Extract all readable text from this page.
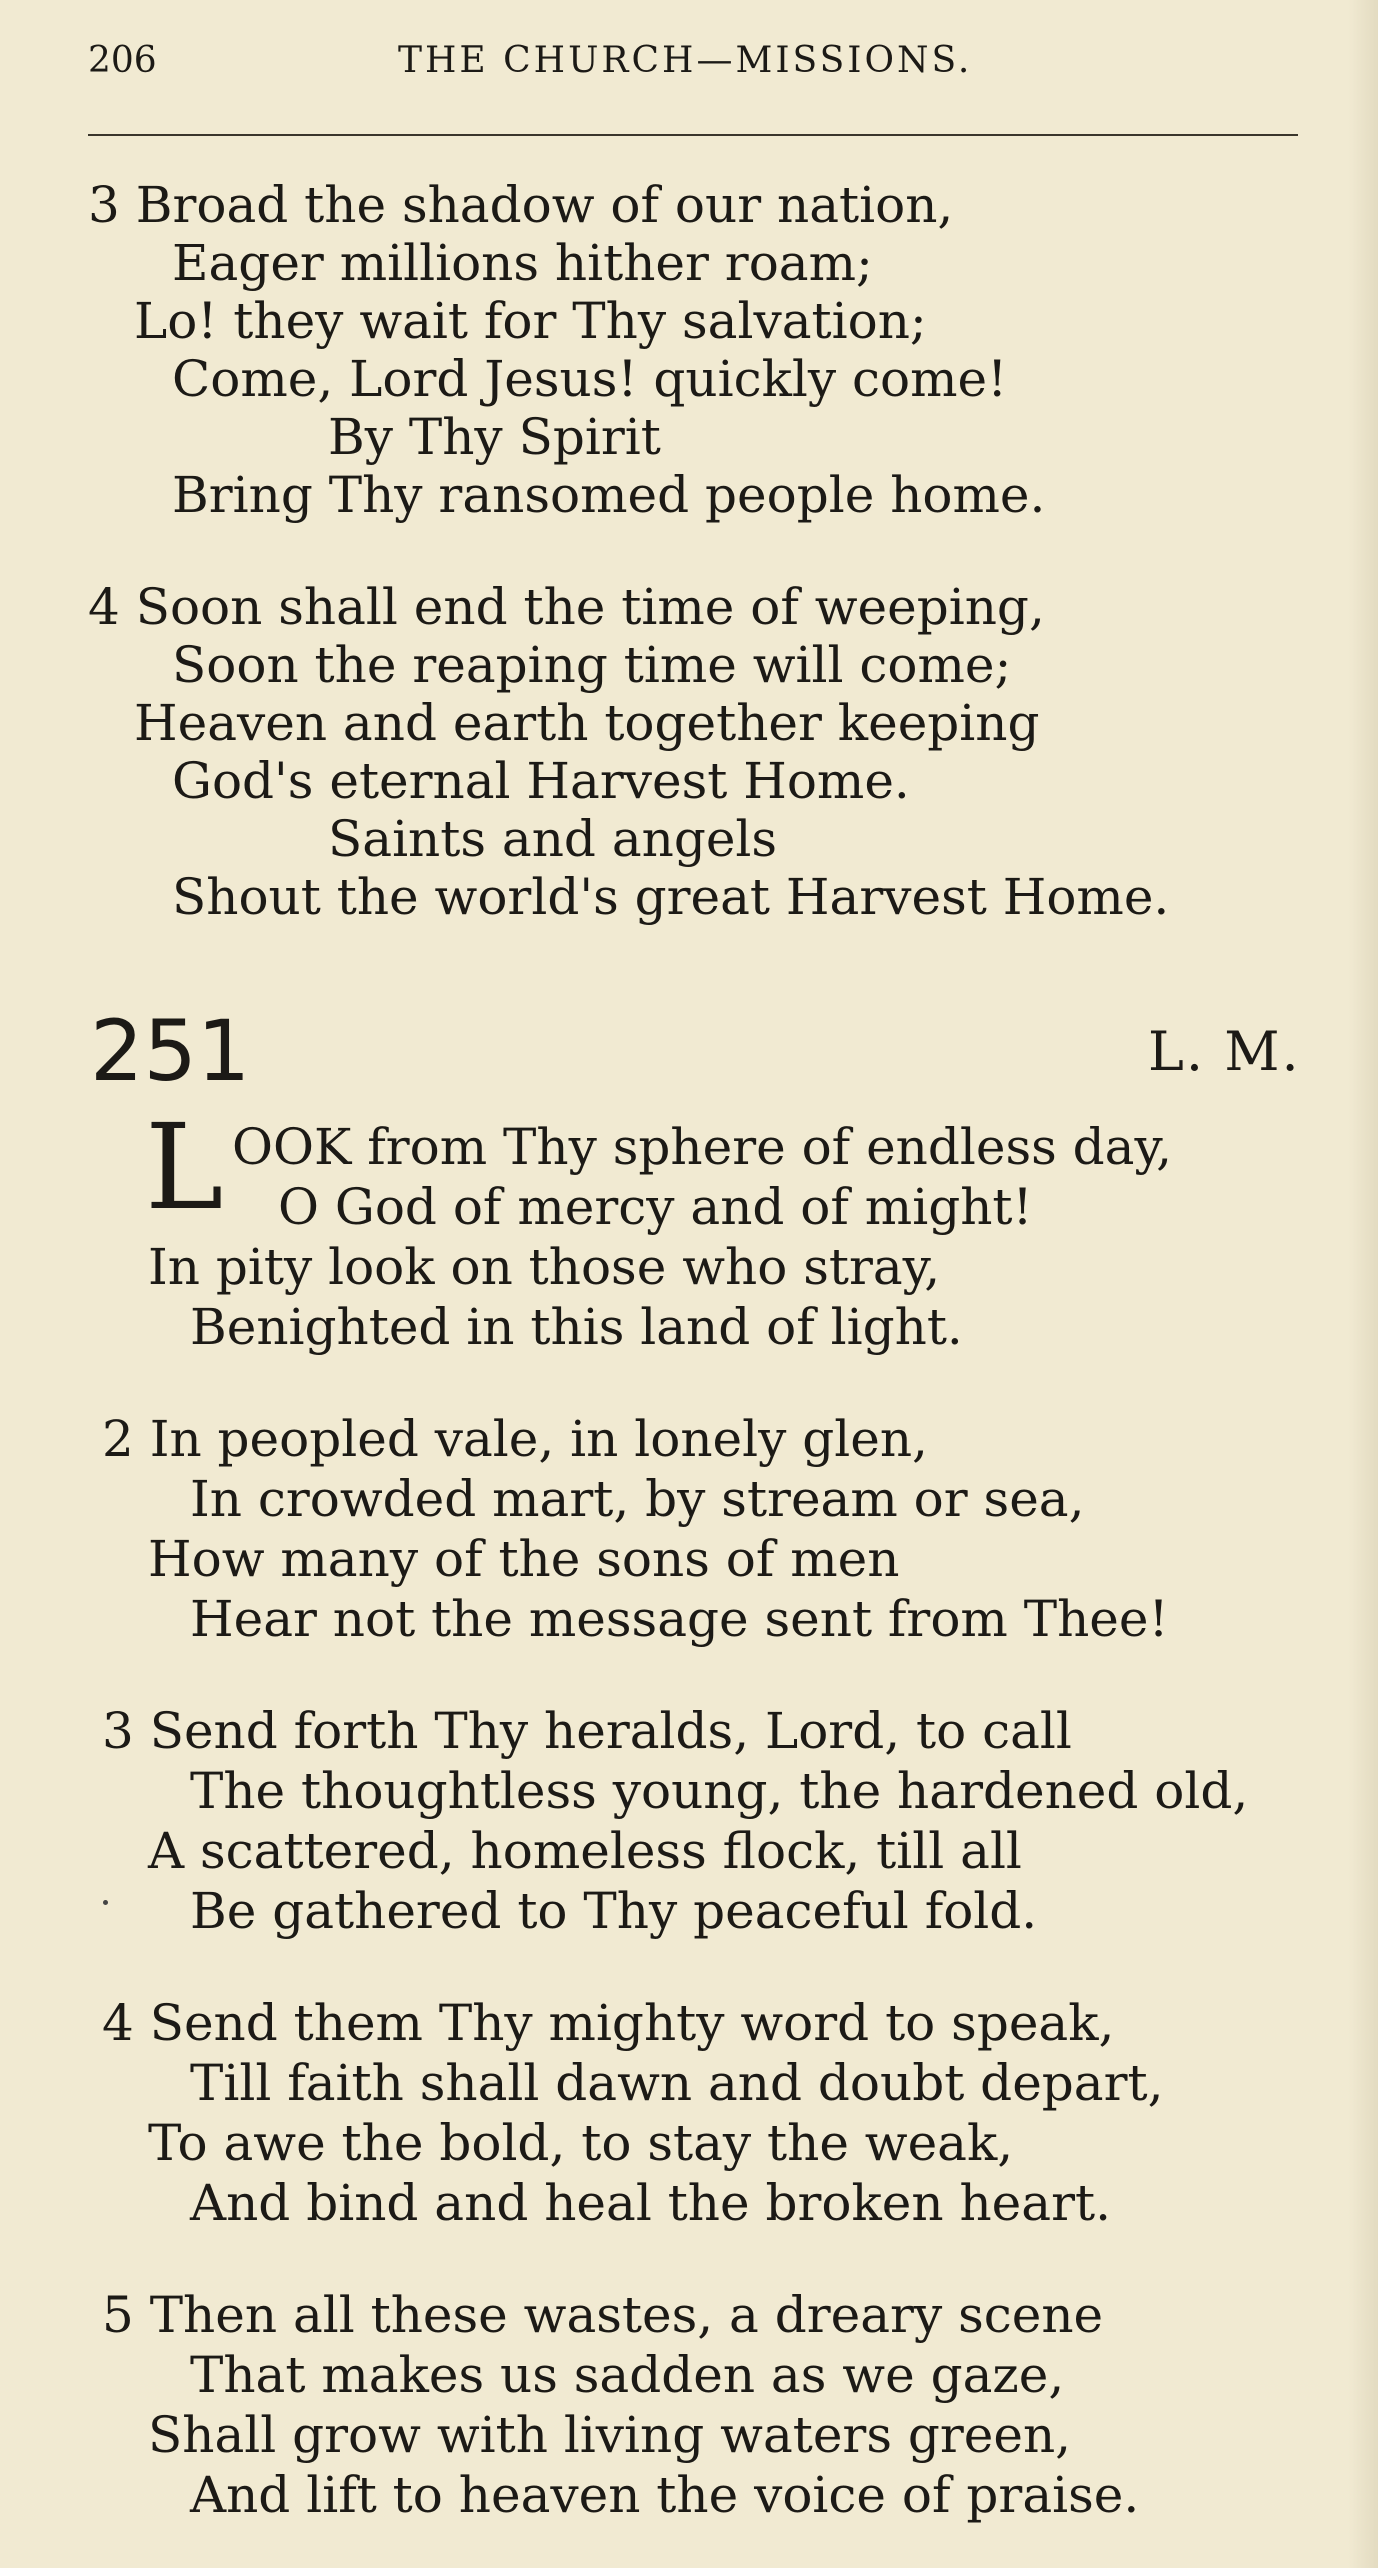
206	THE CHURCH—MISSIONS.
3 Broad the shadow of our nation,
Eager millions hither roam;
Lo! they wait for Thy salvation;
Come, Lord Jesus! quickly come!
By Thy Spirit
Bring Thy ransomed people home.
4 Soon shall end the time of weeping,
Soon the reaping time will come;
Heaven and earth together keeping
God's eternal Harvest Home.
Saints and angels
Shout the world's great Harvest Home.
251	L. M.
L OOK from Thy sphere of endless day,
O God of mercy and of might!
In pity look on those who stray,
Benighted in this land of light.
2 In peopled vale, in lonely glen,
In crowded mart, by stream or sea,
How many of the sons of men
Hear not the message sent from Thee!
3 Send forth Thy heralds, Lord, to call
The thoughtless young, the hardened old,
A scattered, homeless flock, till all
Be gathered to Thy peaceful fold.
4 Send them Thy mighty word to speak,
Till faith shall dawn and doubt depart,
To awe the bold, to stay the weak,
And bind and heal the broken heart.
5 Then all these wastes, a dreary scene
That makes us sadden as we gaze,
Shall grow with living waters green,
And lift to heaven the voice of praise.
